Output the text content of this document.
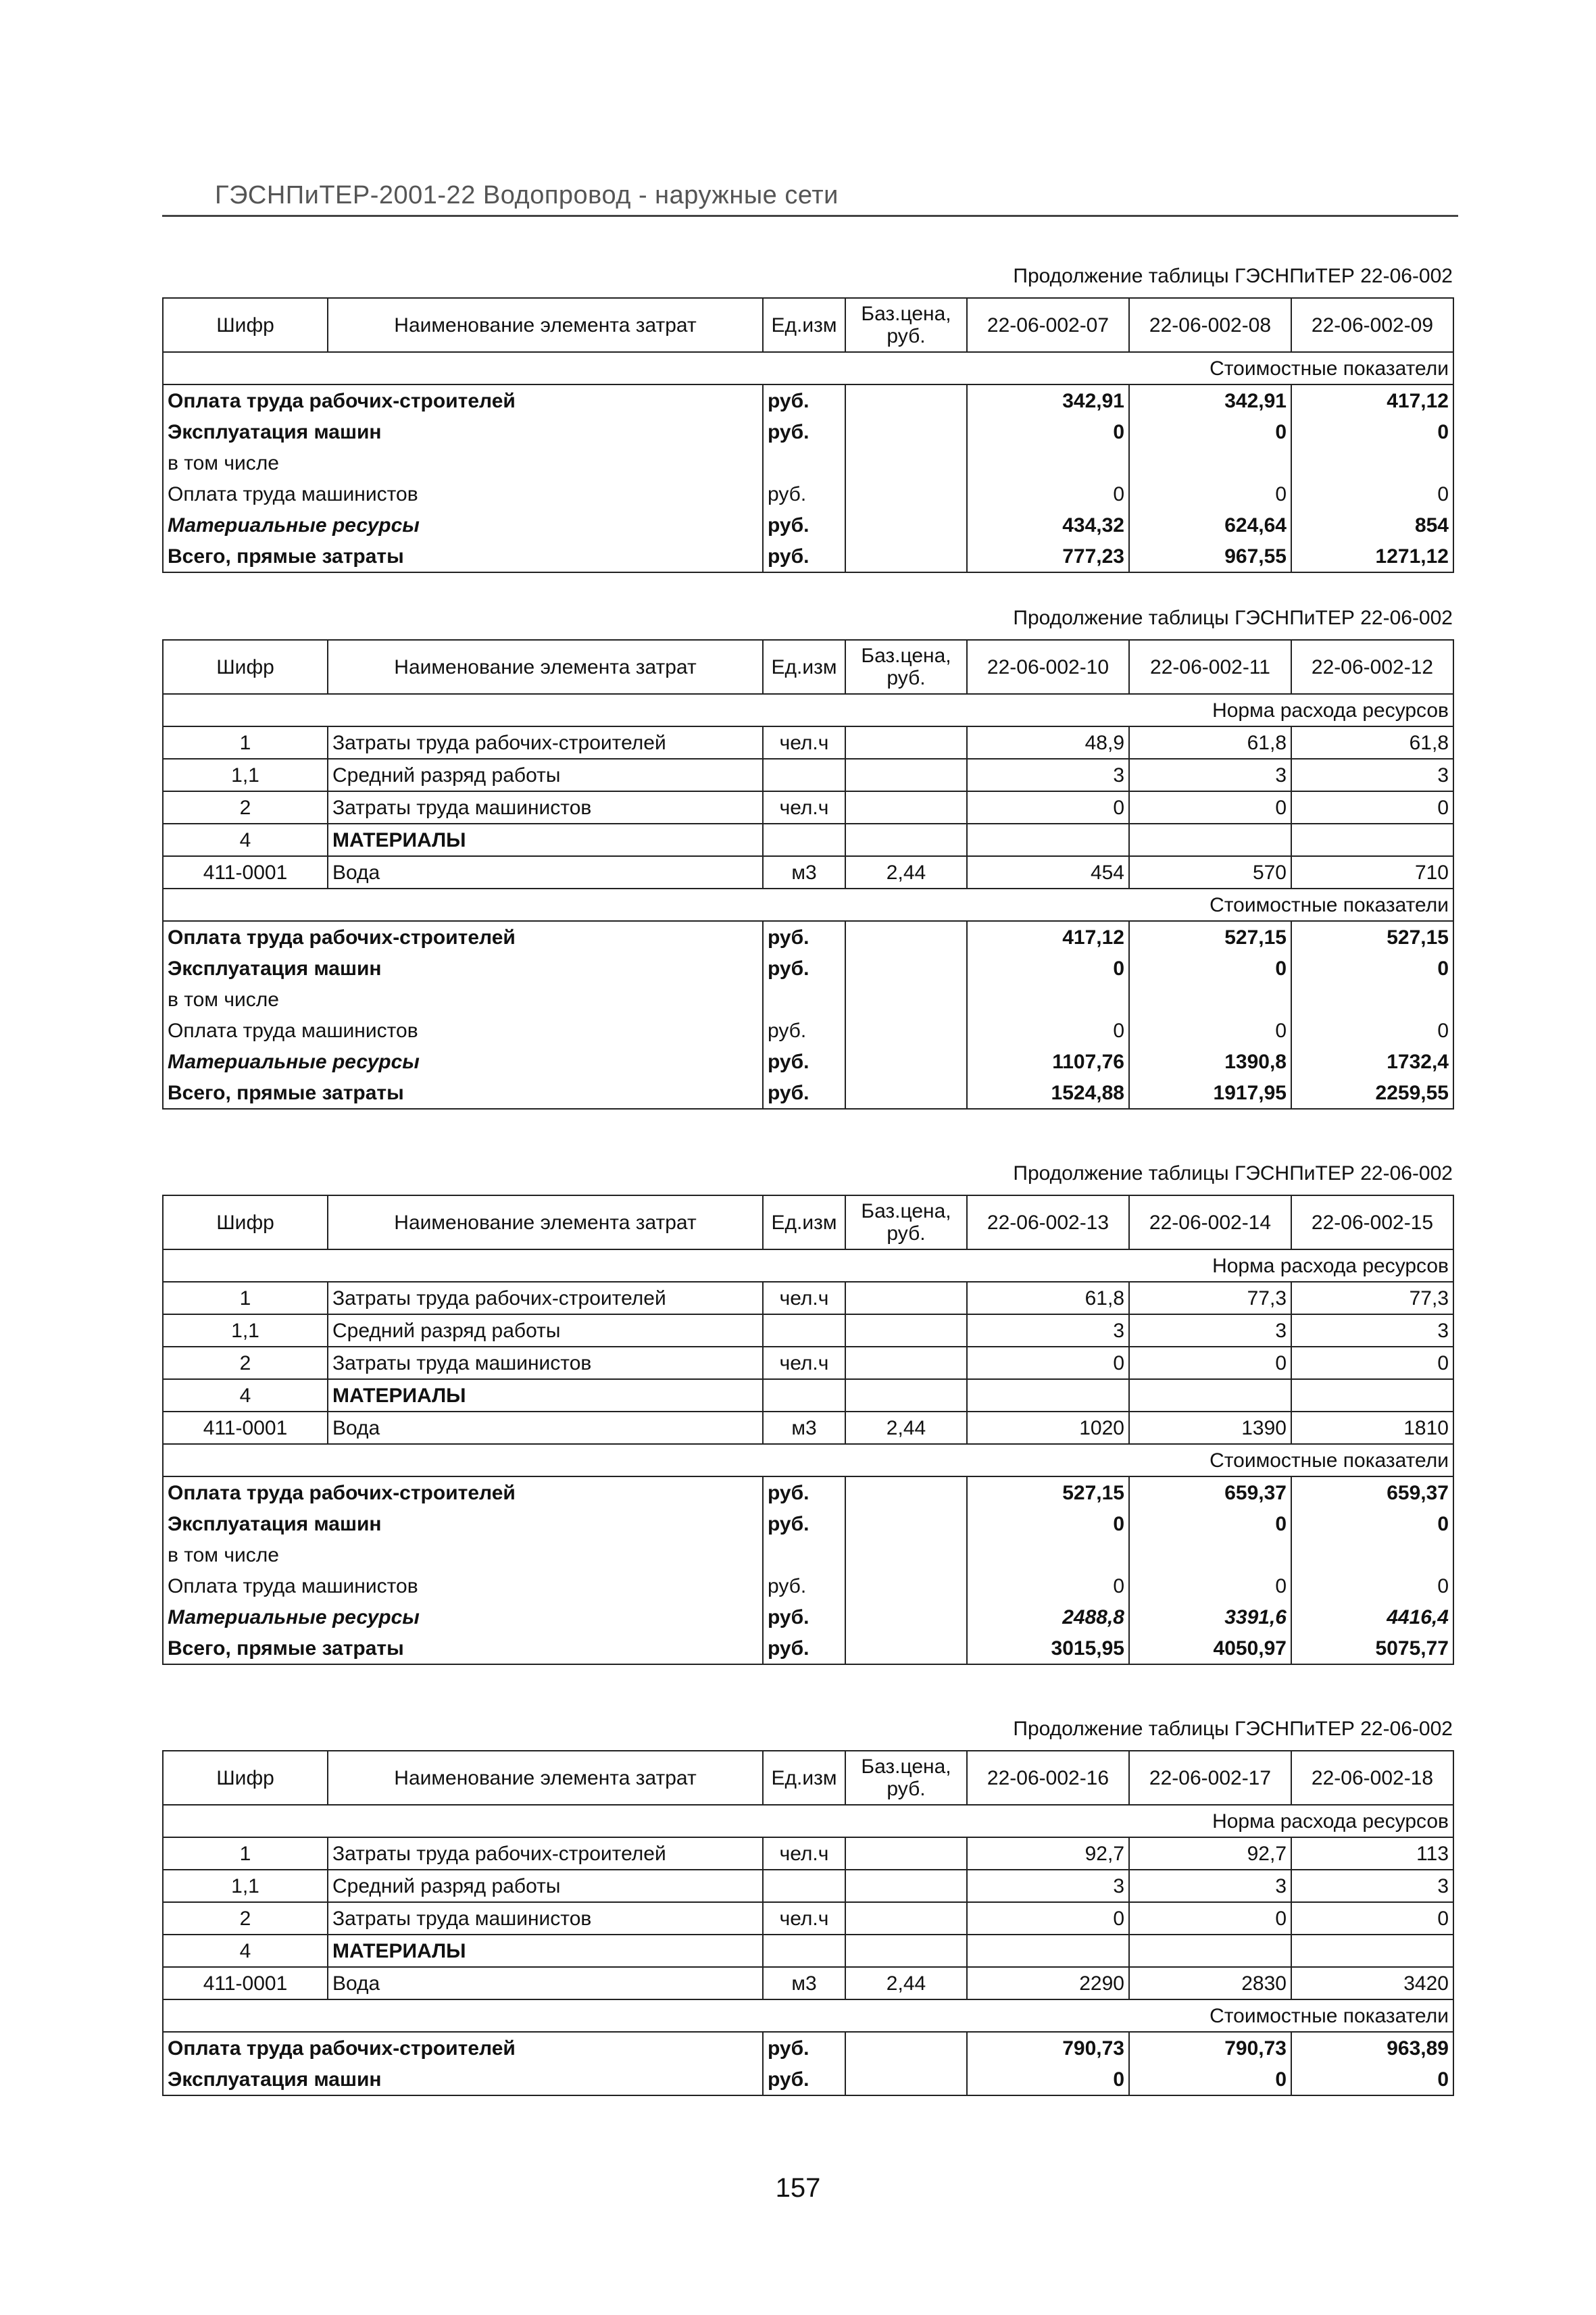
ГЭСНПиТЕР-2001-22 Водопровод - наружные сети
Продолжение таблицы ГЭСНПиТЕР 22-06-002
Шифр	Наименование элемента затрат	Ед.изм	Баз.цена, руб.	22-06-002-07	22-06-002-08	22-06-002-09
Стоимостные показатели						
Оплата труда рабочих-строителей		руб.		342,91	342,91	417,12
Эксплуатация машин		руб.		0	0	0
в том числе						
Оплата труда машинистов		руб.		0	0	0
Материальные ресурсы		руб.		434,32	624,64	854
Всего, прямые затраты		руб.		777,23	967,55	1271,12
Продолжение таблицы ГЭСНПиТЕР 22-06-002
Шифр	Наименование элемента затрат	Ед.изм	Баз.цена, руб.	22-06-002-10	22-06-002-11	22-06-002-12
Норма расхода ресурсов						
1	Затраты труда рабочих-строителей	чел.ч		48,9	61,8	61,8
1,1	Средний разряд работы			3	3	3
2	Затраты труда машинистов	чел.ч		0	0	0
4	МАТЕРИАЛЫ					
411-0001	Вода	м3	2,44	454	570	710
Стоимостные показатели						
Оплата труда рабочих-строителей		руб.		417,12	527,15	527,15
Эксплуатация машин		руб.		0	0	0
в том числе						
Оплата труда машинистов		руб.		0	0	0
Материальные ресурсы		руб.		1107,76	1390,8	1732,4
Всего, прямые затраты		руб.		1524,88	1917,95	2259,55
Продолжение таблицы ГЭСНПиТЕР 22-06-002
Шифр	Наименование элемента затрат	Ед.изм	Баз.цена, руб.	22-06-002-13	22-06-002-14	22-06-002-15
Норма расхода ресурсов						
1	Затраты труда рабочих-строителей	чел.ч		61,8	77,3	77,3
1,1	Средний разряд работы			3	3	3
2	Затраты труда машинистов	чел.ч		0	0	0
4	МАТЕРИАЛЫ					
411-0001	Вода	м3	2,44	1020	1390	1810
Стоимостные показатели						
Оплата труда рабочих-строителей		руб.		527,15	659,37	659,37
Эксплуатация машин		руб.		0	0	0
в том числе						
Оплата труда машинистов		руб.		0	0	0
Материальные ресурсы		руб.		2488,8	3391,6	4416,4
Всего, прямые затраты		руб.		3015,95	4050,97	5075,77
Продолжение таблицы ГЭСНПиТЕР 22-06-002
Шифр	Наименование элемента затрат	Ед.изм	Баз.цена, руб.	22-06-002-16	22-06-002-17	22-06-002-18
Норма расхода ресурсов						
1	Затраты труда рабочих-строителей	чел.ч		92,7	92,7	113
1,1	Средний разряд работы			3	3	3
2	Затраты труда машинистов	чел.ч		0	0	0
4	МАТЕРИАЛЫ					
411-0001	Вода	м3	2,44	2290	2830	3420
Стоимостные показатели						
Оплата труда рабочих-строителей		руб.		790,73	790,73	963,89
Эксплуатация машин		руб.		0	0	0
157
